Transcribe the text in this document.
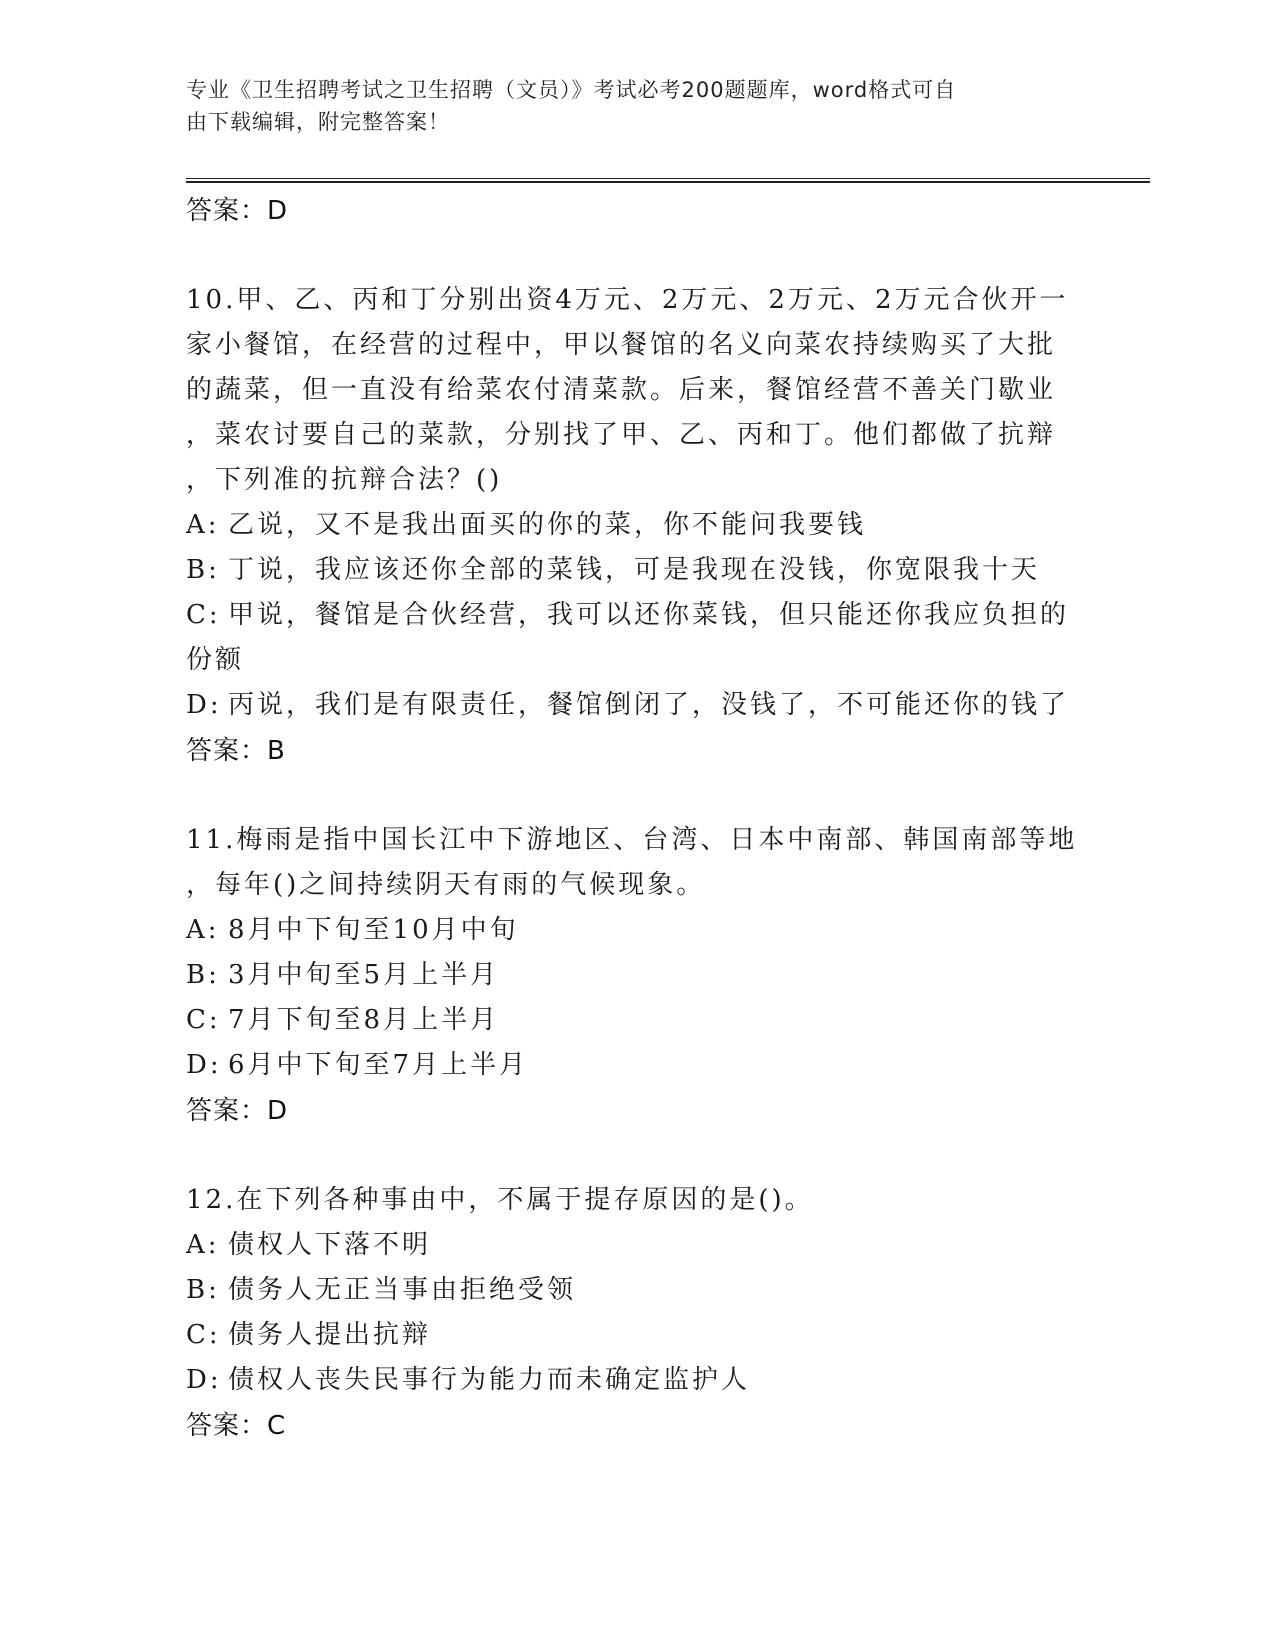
专业《卫生招聘考试之卫生招聘（文员）》考试必考200题题库，word格式可自
由下载编辑，附完整答案！
答案：D
10.甲、乙、丙和丁分别出资4万元、2万元、2万元、2万元合伙开一
家小餐馆，在经营的过程中，甲以餐馆的名义向菜农持续购买了大批
的蔬菜，但一直没有给菜农付清菜款。后来，餐馆经营不善关门歇业
，菜农讨要自己的菜款，分别找了甲、乙、丙和丁。他们都做了抗辩
，下列准的抗辩合法？()
A: 乙说，又不是我出面买的你的菜，你不能问我要钱
B: 丁说，我应该还你全部的菜钱，可是我现在没钱，你宽限我十天
C: 甲说，餐馆是合伙经营，我可以还你菜钱，但只能还你我应负担的
份额
D: 丙说，我们是有限责任，餐馆倒闭了，没钱了，不可能还你的钱了
答案：B
11.梅雨是指中国长江中下游地区、台湾、日本中南部、韩国南部等地
，每年()之间持续阴天有雨的气候现象。
A: 8月中下旬至10月中旬
B: 3月中旬至5月上半月
C: 7月下旬至8月上半月
D: 6月中下旬至7月上半月
答案：D
12.在下列各种事由中，不属于提存原因的是()。
A: 债权人下落不明
B: 债务人无正当事由拒绝受领
C: 债务人提出抗辩
D: 债权人丧失民事行为能力而未确定监护人
答案：C
